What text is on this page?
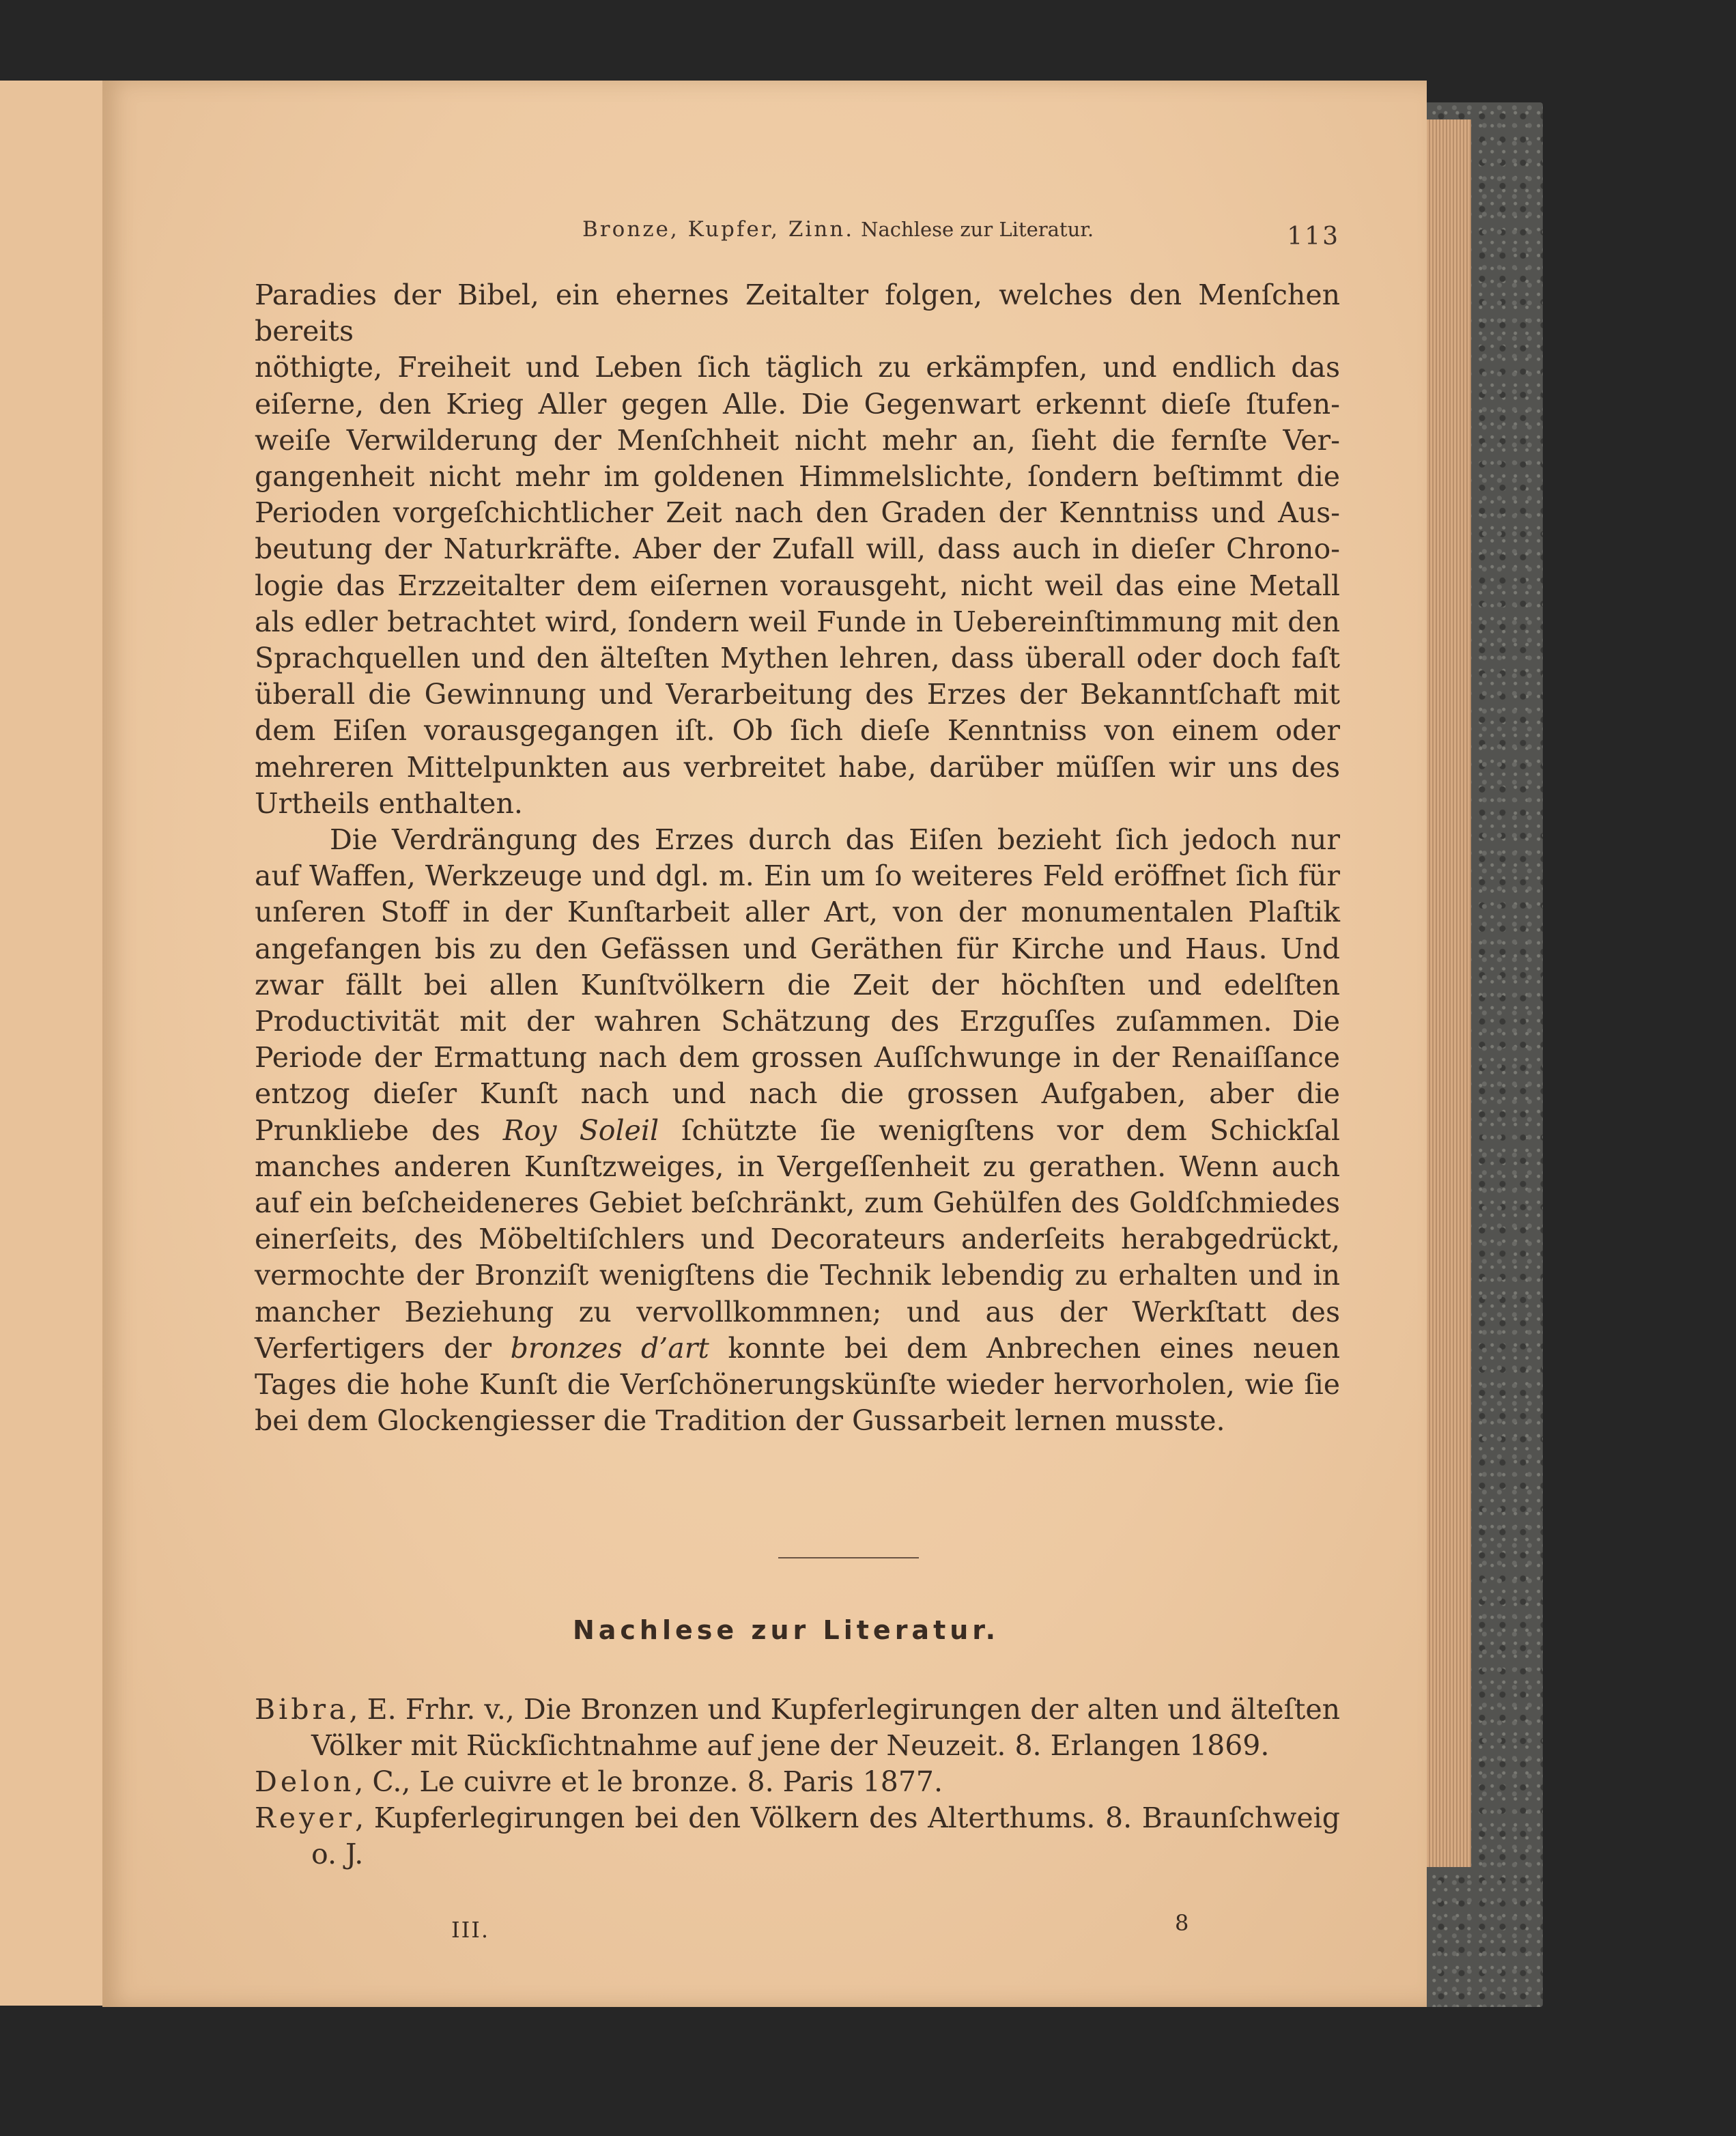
Bronze, Kupfer, Zinn. Nachlese zur Literatur.	113
Paradies der Bibel, ein ehernes Zeitalter folgen, welches den Menſchen bereits
nöthigte, Freiheit und Leben ſich täglich zu erkämpfen, und endlich das
eiſerne, den Krieg Aller gegen Alle. Die Gegenwart erkennt dieſe ſtufen-
weiſe Verwilderung der Menſchheit nicht mehr an, ſieht die fernſte Ver-
gangenheit nicht mehr im goldenen Himmelslichte, ſondern beſtimmt die
Perioden vorgeſchichtlicher Zeit nach den Graden der Kenntniss und Aus-
beutung der Naturkräfte. Aber der Zufall will, dass auch in dieſer Chrono-
logie das Erzzeitalter dem eiſernen vorausgeht, nicht weil das eine Metall
als edler betrachtet wird, ſondern weil Funde in Uebereinſtimmung mit den
Sprachquellen und den älteſten Mythen lehren, dass überall oder doch faſt
überall die Gewinnung und Verarbeitung des Erzes der Bekanntſchaft mit
dem Eiſen vorausgegangen iſt. Ob ſich dieſe Kenntniss von einem oder
mehreren Mittelpunkten aus verbreitet habe, darüber müſſen wir uns des
Urtheils enthalten.

Die Verdrängung des Erzes durch das Eiſen bezieht ſich jedoch nur auf Waffen, Werkzeuge und dgl. m. Ein um ſo weiteres Feld eröffnet ſich für unſeren Stoff in der Kunſtarbeit aller Art, von der monumentalen Plaſtik angefangen bis zu den Gefässen und Geräthen für Kirche und Haus. Und zwar fällt bei allen Kunſtvölkern die Zeit der höchſten und edelſten Productivität mit der wahren Schätzung des Erzguſſes zuſammen. Die Periode der Ermattung nach dem grossen Auſſchwunge in der Renaiſſance entzog dieſer Kunſt nach und nach die grossen Aufgaben, aber die Prunkliebe des Roy Soleil ſchützte ſie wenigſtens vor dem Schickſal manches anderen Kunſtzweiges, in Vergeſſenheit zu gerathen. Wenn auch auf ein beſcheideneres Gebiet beſchränkt, zum Gehülfen des Goldſchmiedes einerſeits, des Möbeltiſchlers und Decorateurs anderſeits herabgedrückt, vermochte der Bronziſt wenigſtens die Technik lebendig zu erhalten und in mancher Beziehung zu vervollkommnen; und aus der Werkſtatt des Verfertigers der bronzes d’art konnte bei dem Anbrechen eines neuen Tages die hohe Kunſt die Verſchönerungskünſte wieder hervorholen, wie ſie bei dem Glockengiesser die Tradition der Gussarbeit lernen musste.

III.	8
Nachlese zur Literatur.

Bibra, E. Frhr. v., Die Bronzen und Kupferlegirungen der alten und älteſten Völker mit Rückſichtnahme auf jene der Neuzeit. 8. Erlangen 1869.

Delon, C., Le cuivre et le bronze. 8. Paris 1877.

Reyer, Kupferlegirungen bei den Völkern des Alterthums. 8. Braunſchweig o. J.
